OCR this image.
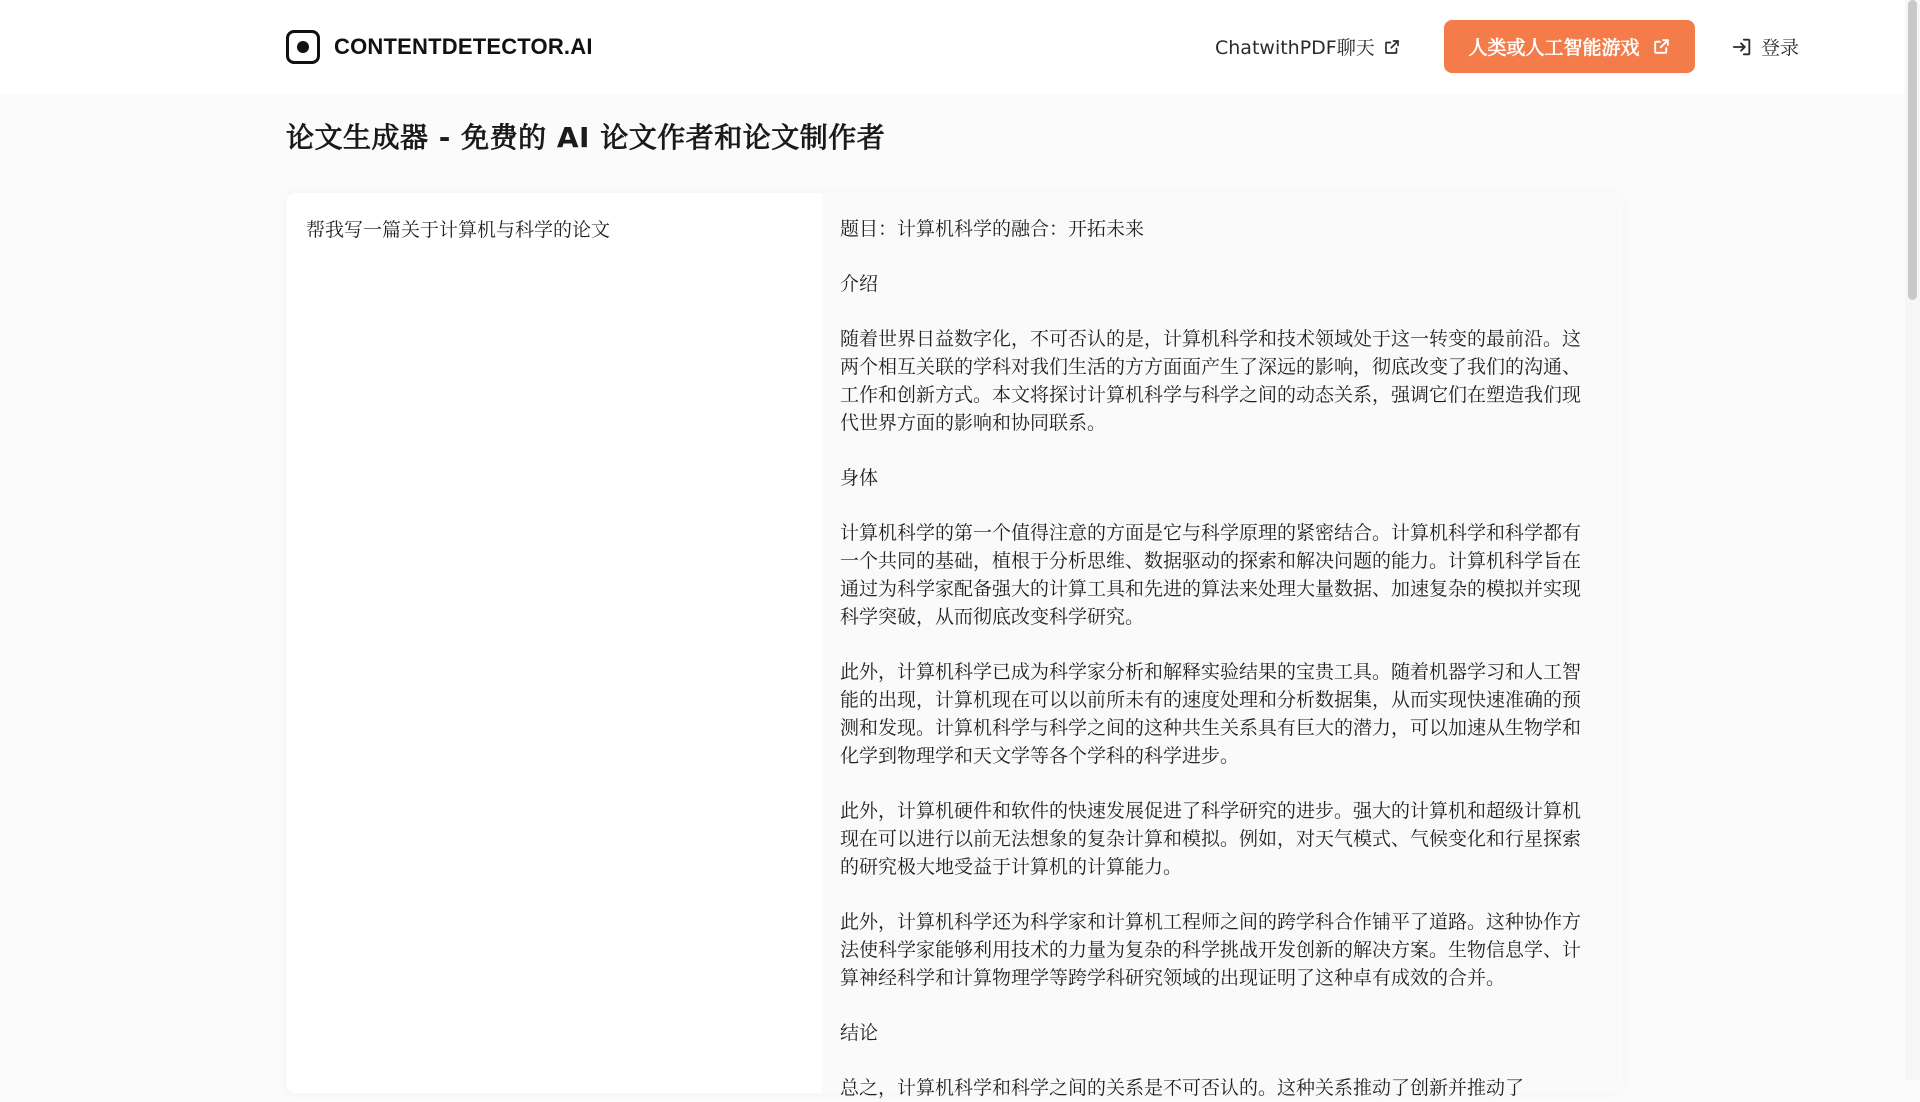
CONTENTDETECTOR.AI	ChatwithPDF聊天	人类或人工智能游戏	登录
论文生成器 - 免费的 AI 论文作者和论文制作者
帮我写一篇关于计算机与科学的论文	题目：计算机科学的融合：开拓未来

介绍

随着世界日益数字化，不可否认的是，计算机科学和技术领域处于这一转变的最前沿。这两个相互关联的学科对我们生活的方方面面产生了深远的影响，彻底改变了我们的沟通、工作和创新方式。本文将探讨计算机科学与科学之间的动态关系，强调它们在塑造我们现代世界方面的影响和协同联系。

身体

计算机科学的第一个值得注意的方面是它与科学原理的紧密结合。计算机科学和科学都有一个共同的基础，植根于分析思维、数据驱动的探索和解决问题的能力。计算机科学旨在通过为科学家配备强大的计算工具和先进的算法来处理大量数据、加速复杂的模拟并实现科学突破，从而彻底改变科学研究。

此外，计算机科学已成为科学家分析和解释实验结果的宝贵工具。随着机器学习和人工智能的出现，计算机现在可以以前所未有的速度处理和分析数据集，从而实现快速准确的预测和发现。计算机科学与科学之间的这种共生关系具有巨大的潜力，可以加速从生物学和化学到物理学和天文学等各个学科的科学进步。

此外，计算机硬件和软件的快速发展促进了科学研究的进步。强大的计算机和超级计算机现在可以进行以前无法想象的复杂计算和模拟。例如，对天气模式、气候变化和行星探索的研究极大地受益于计算机的计算能力。

此外，计算机科学还为科学家和计算机工程师之间的跨学科合作铺平了道路。这种协作方法使科学家能够利用技术的力量为复杂的科学挑战开发创新的解决方案。生物信息学、计算神经科学和计算物理学等跨学科研究领域的出现证明了这种卓有成效的合并。

结论

总之，计算机科学和科学之间的关系是不可否认的。这种关系推动了创新并推动了
